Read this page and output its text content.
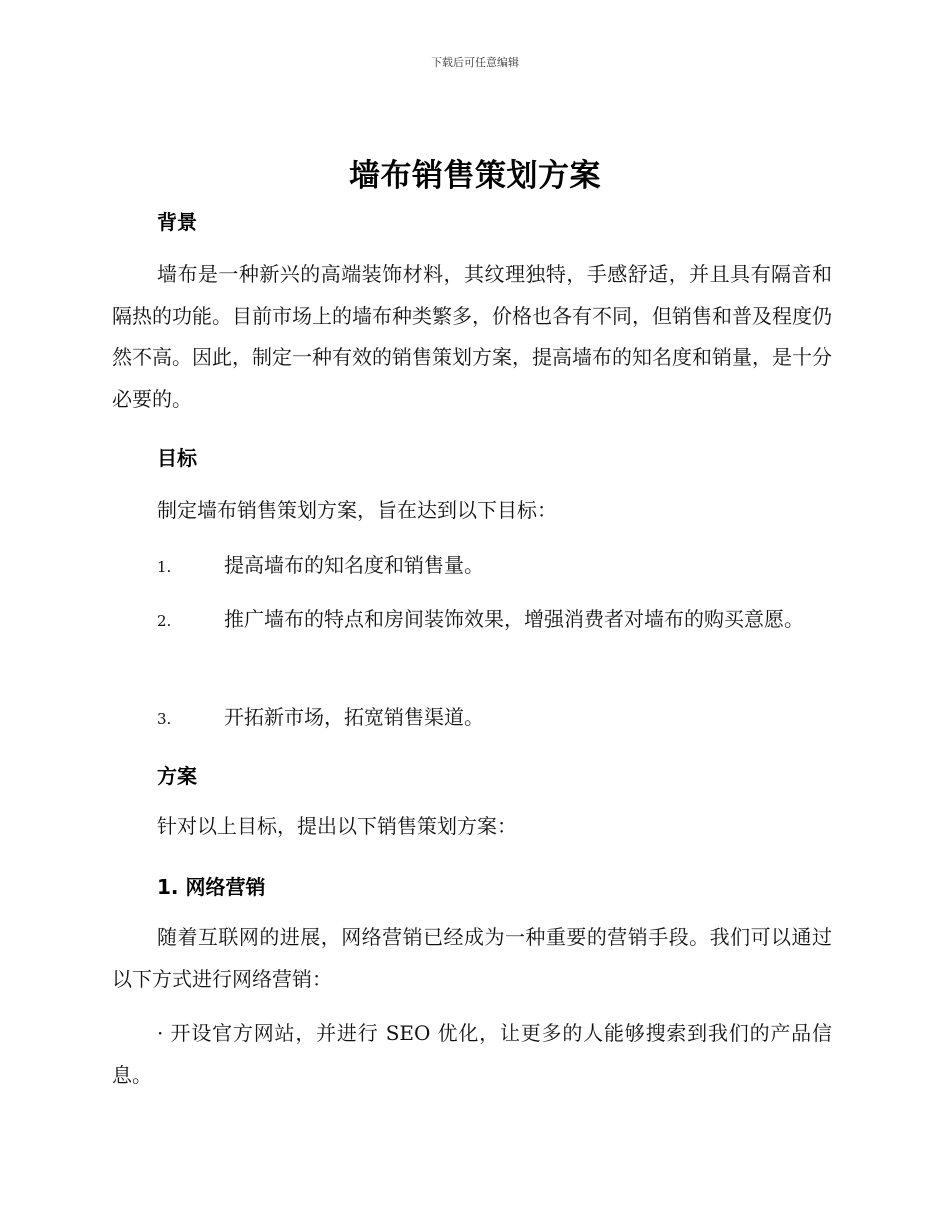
下载后可任意编辑
墙布销售策划方案
背景
墙布是一种新兴的高端装饰材料，其纹理独特，手感舒适，并且具有隔音和隔热的功能。目前市场上的墙布种类繁多，价格也各有不同，但销售和普及程度仍然不高。因此，制定一种有效的销售策划方案，提高墙布的知名度和销量，是十分必要的。
目标
制定墙布销售策划方案，旨在达到以下目标：
1.	提高墙布的知名度和销售量。
2.	推广墙布的特点和房间装饰效果，增强消费者对墙布的购买意愿。
3.	开拓新市场，拓宽销售渠道。
方案
针对以上目标，提出以下销售策划方案：
1. 网络营销
随着互联网的进展，网络营销已经成为一种重要的营销手段。我们可以通过以下方式进行网络营销：
· 开设官方网站，并进行 SEO 优化，让更多的人能够搜索到我们的产品信息。
